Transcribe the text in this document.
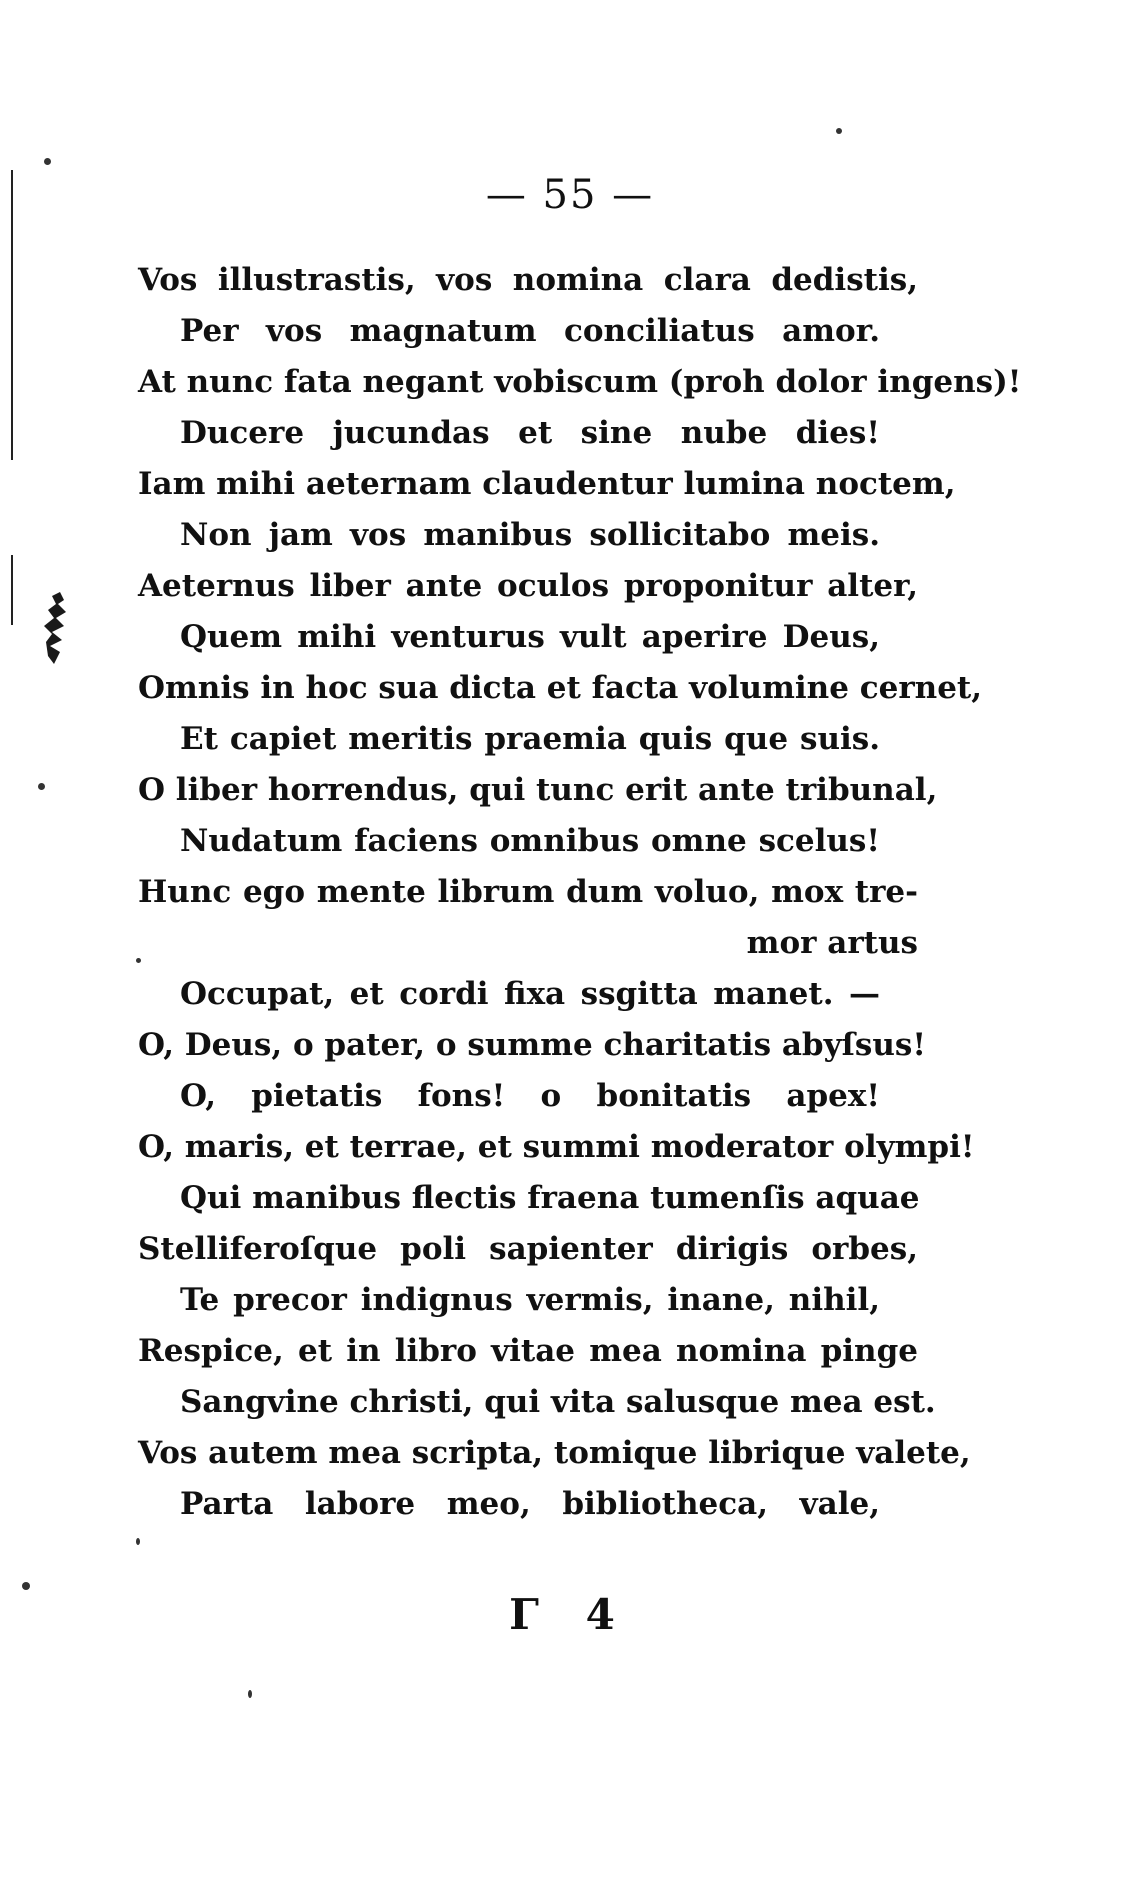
— 55 —
Vos illustrastis, vos nomina clara dedistis,
Per vos magnatum conciliatus amor.
At nunc fata negant vobiscum (proh dolor ingens)!
Ducere jucundas et sine nube dies!
Iam mihi aeternam claudentur lumina noctem,
Non jam vos manibus sollicitabo meis.
Aeternus liber ante oculos proponitur alter,
Quem mihi venturus vult aperire Deus,
Omnis in hoc sua dicta et facta volumine cernet,
Et capiet meritis praemia quis que suis.
O liber horrendus, qui tunc erit ante tribunal,
Nudatum faciens omnibus omne scelus!
Hunc ego mente librum dum voluo, mox tre-
mor artus
Occupat, et cordi fixa ssgitta manet. —
O, Deus, o pater, o summe charitatis abyſsus!
O, pietatis fons! o bonitatis apex!
O, maris, et terrae, et summi moderator olympi!
Qui manibus flectis fraena tumenſis aquae
Stelliferoſque poli sapienter dirigis orbes,
Te precor indignus vermis, inane, nihil,
Respice, et in libro vitae mea nomina pinge
Sangvine christi, qui vita salusque mea est.
Vos autem mea scripta, tomique librique valete,
Parta labore meo, bibliotheca, vale,
Γ 4
